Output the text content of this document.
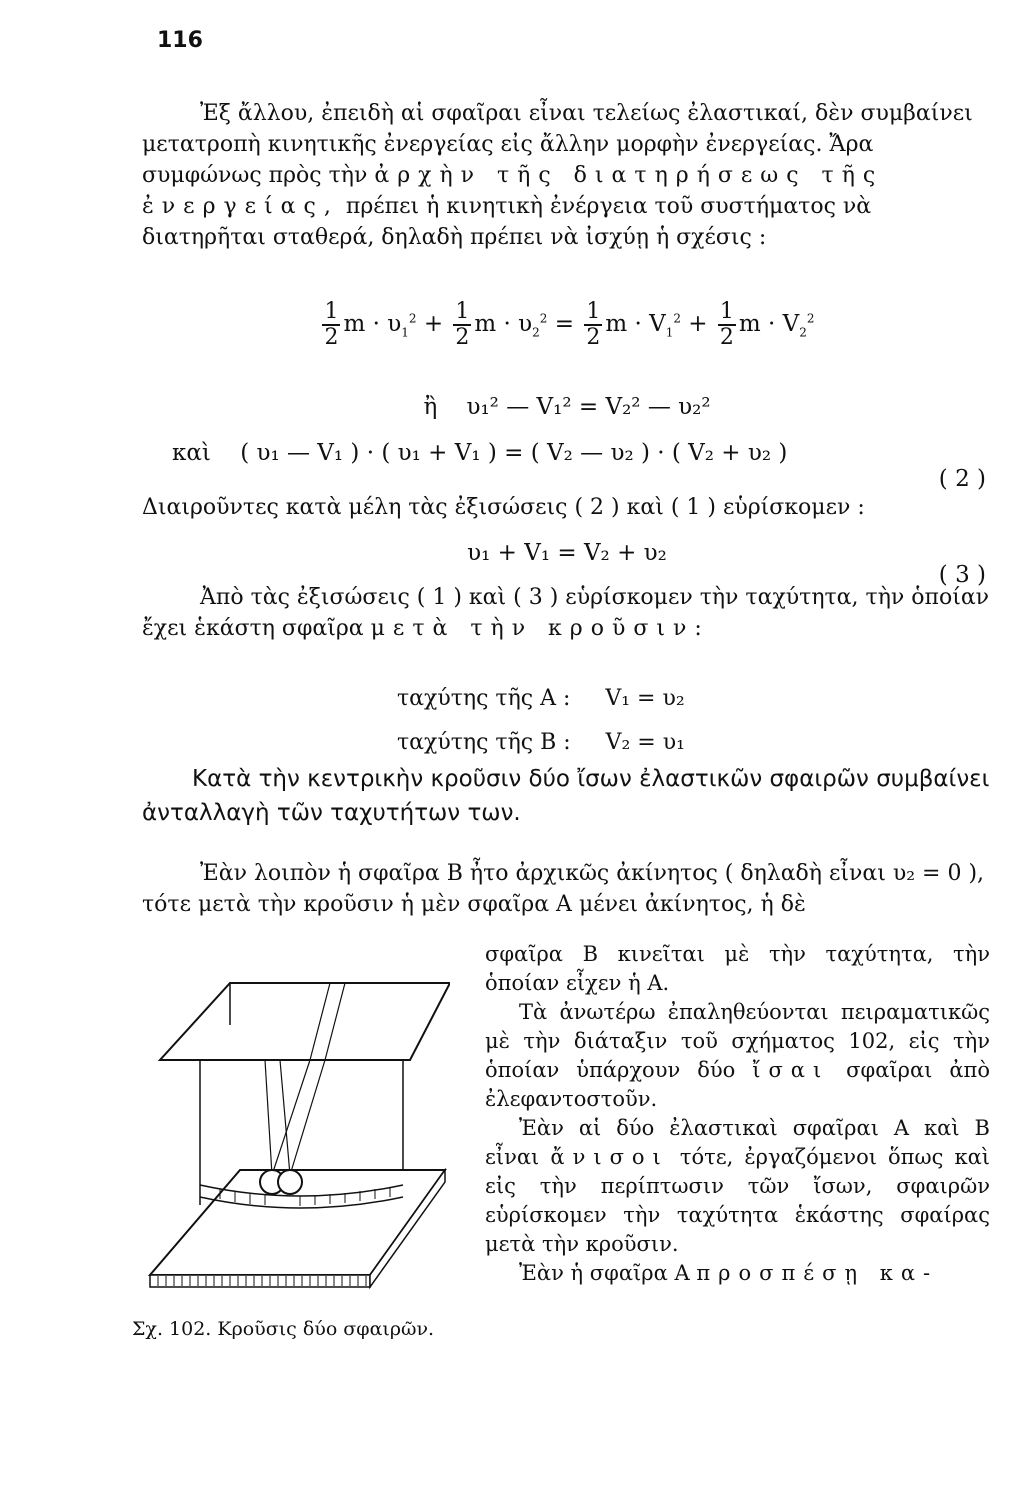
116

Ἐξ ἄλλου, ἐπειδὴ αἱ σφαῖραι εἶναι τελείως ἐλαστικαί, δὲν συμβαίνει μετατροπὴ κινητικῆς ἐνεργείας εἰς ἄλλην μορφὴν ἐνεργείας. Ἄρα συμφώνως πρὸς τὴν ἀρχὴν τῆς διατηρήσεως τῆς ἐνεργείας, πρέπει ἡ κινητικὴ ἐνέργεια τοῦ συστήματος νὰ διατηρῆται σταθερά, δηλαδὴ πρέπει νὰ ἰσχύῃ ἡ σχέσις :

$\frac{1}{2}$ $m \cdot \upsilon_1^2 + \frac{1}{2}$ $m \cdot \upsilon_2^2 = \frac{1}{2}$ $m \cdot V_1^2 + \frac{1}{2}$ $m \cdot V_2^2$
ἢ υ₁² — V₁² = V₂² — υ₂²
καὶ ( υ₁ — V₁ ) · ( υ₁ + V₁ ) = ( V₂ — υ₂ ) · ( V₂ + υ₂ )
( 2 )

Διαιροῦντες κατὰ μέλη τὰς ἐξισώσεις ( 2 ) καὶ ( 1 ) εὑρίσκομεν :

υ₁ + V₁ = V₂ + υ₂
( 3 )

Ἀπὸ τὰς ἐξισώσεις ( 1 ) καὶ ( 3 ) εὑρίσκομεν τὴν ταχύτητα, τὴν ὁποίαν ἔχει ἑκάστη σφαῖρα μετὰ τὴν κροῦσιν:

ταχύτης τῆς Α : V₁ = υ₂
ταχύτης τῆς Β : V₂ = υ₁
Κατὰ τὴν κεντρικὴν κροῦσιν δύο ἴσων ἐλαστικῶν σφαιρῶν συμβαίνει ἀνταλλαγὴ τῶν ταχυτήτων των.

Ἐὰν λοιπὸν ἡ σφαῖρα Β ἦτο ἀρχικῶς ἀκίνητος ( δηλαδὴ εἶναι υ₂ = 0 ), τότε μετὰ τὴν κροῦσιν ἡ μὲν σφαῖρα Α μένει ἀκίνητος, ἡ δὲ

σφαῖρα Β κινεῖται μὲ τὴν ταχύτητα, τὴν ὁποίαν εἶχεν ἡ Α.

Τὰ ἀνωτέρω ἐπαληθεύονται πειραματικῶς μὲ τὴν διάταξιν τοῦ σχήματος 102, εἰς τὴν ὁποίαν ὑπάρχουν δύο ἴσαι σφαῖραι ἀπὸ ἐλεφαντοστοῦν.

Ἐὰν αἱ δύο ἐλαστικαὶ σφαῖραι Α καὶ Β εἶναι ἄνισοι τότε, ἐργαζόμενοι ὅπως καὶ εἰς τὴν περίπτωσιν τῶν ἴσων, σφαιρῶν εὑρίσκομεν τὴν ταχύτητα ἑκάστης σφαίρας μετὰ τὴν κροῦσιν.

Ἐὰν ἡ σφαῖρα Α προσπέσῃ κα-

Σχ. 102. Κροῦσις δύο σφαιρῶν.
